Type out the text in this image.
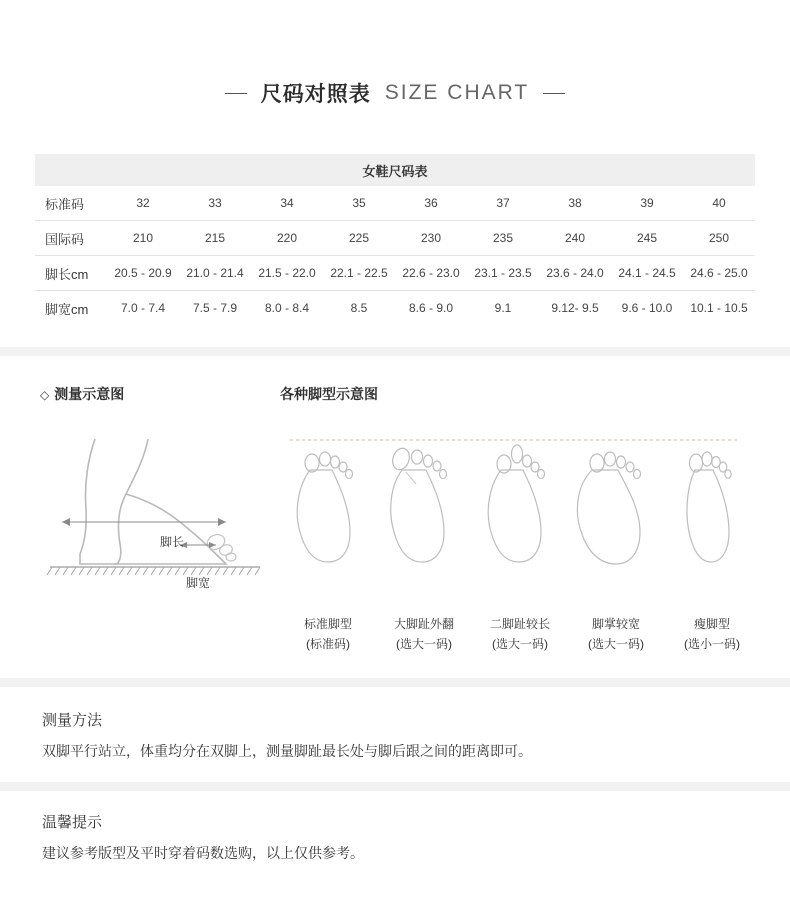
尺码对照表 SIZE CHART
女鞋尺码表									
标准码	32	33	34	35	36	37	38	39	40
国际码	210	215	220	225	230	235	240	245	250
脚长cm	20.5 - 20.9	21.0 - 21.4	21.5 - 22.0	22.1 - 22.5	22.6 - 23.0	23.1 - 23.5	23.6 - 24.0	24.1 - 24.5	24.6 - 25.0
脚宽cm	7.0 - 7.4	7.5 - 7.9	8.0 - 8.4	8.5	8.6 - 9.0	9.1	9.12- 9.5	9.6 - 10.0	10.1 - 10.5
◇ 测量示意图
脚长
脚宽
各种脚型示意图
标准脚型
(标准码)
大脚趾外翻
(选大一码)
二脚趾较长
(选大一码)
脚掌较宽
(选大一码)
瘦脚型
(选小一码)
测量方法
双脚平行站立，体重均分在双脚上，测量脚趾最长处与脚后跟之间的距离即可。
温馨提示
建议参考版型及平时穿着码数选购，以上仅供参考。
